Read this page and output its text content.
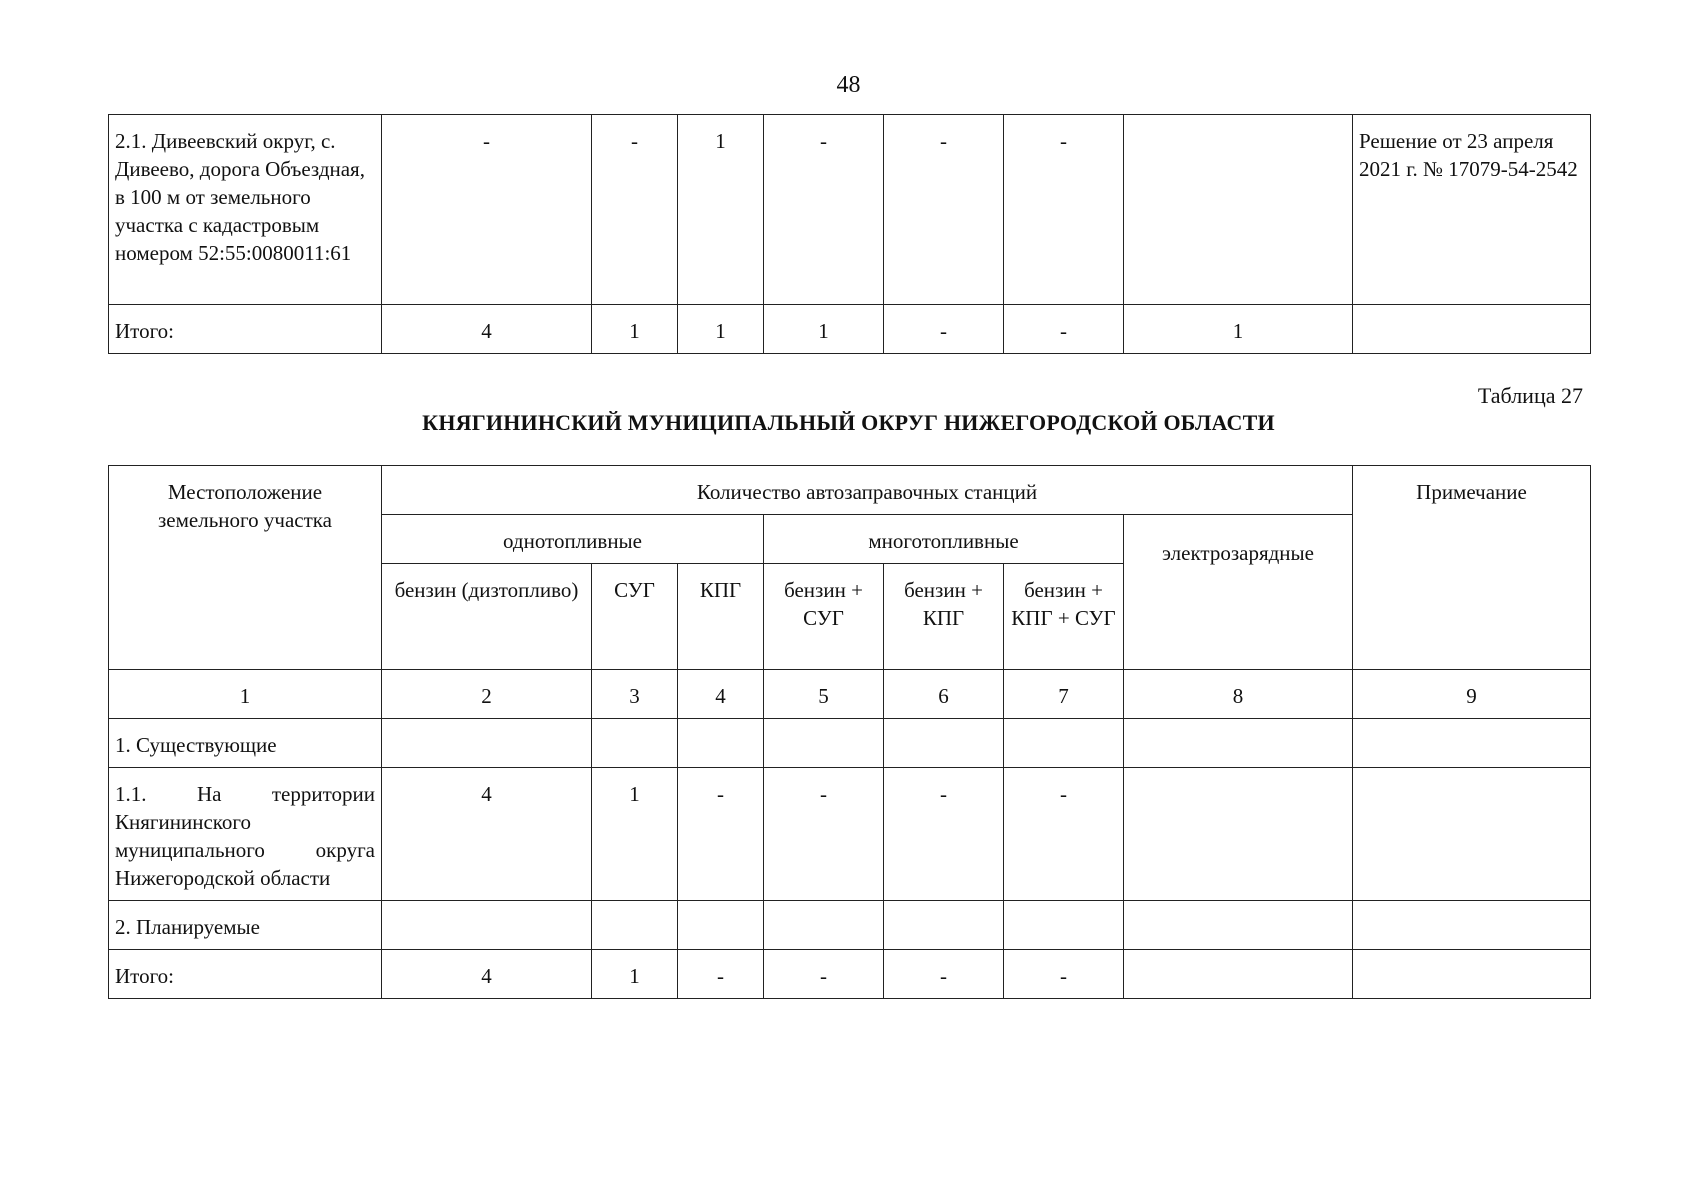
48
2.1. Дивеевский округ, с. Дивеево, дорога Объездная, в 100 м от земельного участка с кадастровым номером 52:55:0080011:61	-	-	1	-	-	-		Решение от 23 апреля 2021 г. № 17079-54-2542
Итого:	4	1	1	1	-	-	1	
Таблица 27
КНЯГИНИНСКИЙ МУНИЦИПАЛЬНЫЙ ОКРУГ НИЖЕГОРОДСКОЙ ОБЛАСТИ
Местоположение земельного участка	Количество автозаправочных станций							Примечание
	однотопливные			многотопливные			электрозарядные	
	бензин (дизтопливо)	СУГ	КПГ	бензин + СУГ	бензин + КПГ	бензин + КПГ + СУГ		
1	2	3	4	5	6	7	8	9
1. Существующие								
1.1. На территории Княгининского муниципального округа Нижегородской области	4	1	-	-	-	-		
2. Планируемые								
Итого:	4	1	-	-	-	-		
